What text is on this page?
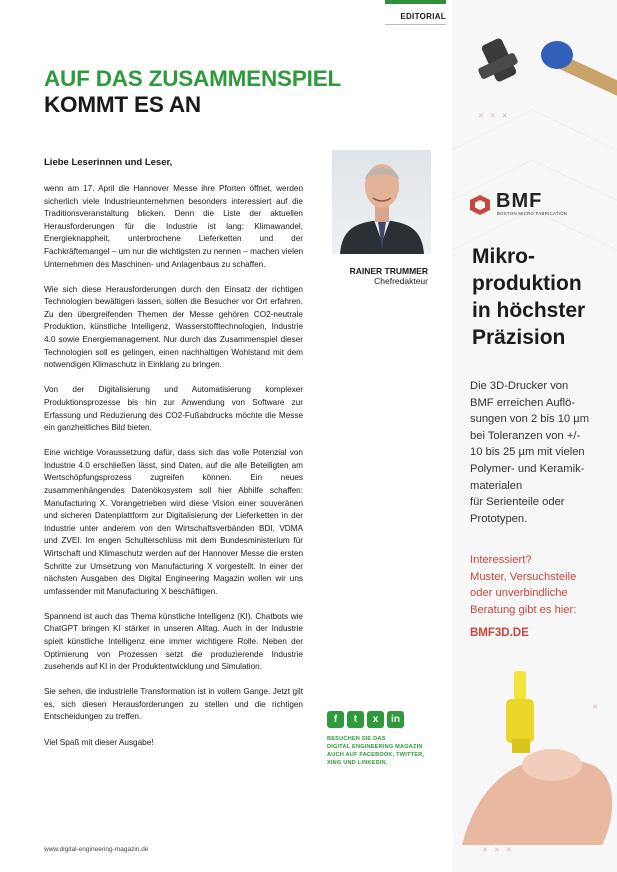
EDITORIAL
AUF DAS ZUSAMMENSPIEL
KOMMT ES AN
Liebe Leserinnen und Leser,

wenn am 17. April die Hannover Messe ihre Pforten öffnet, werden sicherlich viele Industrieunternehmen besonders interessiert auf die Traditionsveranstaltung blicken. Denn die Liste der aktuellen Herausforderungen für die Industrie ist lang: Klimawandel, Energieknappheit, unterbrochene Lieferketten und der Fachkräftemangel – um nur die wichtigsten zu nennen – machen vielen Unternehmen des Maschinen- und Anlagenbaus zu schaffen.

Wie sich diese Herausforderungen durch den Einsatz der richtigen Technologien bewältigen lassen, sollen die Besucher vor Ort erfahren. Zu den übergreifenden Themen der Messe gehören CO2-neutrale Produktion, künstliche Intelligenz, Wasserstofftechnologien, Industrie 4.0 sowie Energiemanagement. Nur durch das Zusammenspiel dieser Technologien soll es gelingen, einen nachhaltigen Wohlstand mit dem notwendigen Klimaschutz in Einklang zu bringen.

Von der Digitalisierung und Automatisierung komplexer Produktionsprozesse bis hin zur Anwendung von Software zur Erfassung und Reduzierung des CO2-Fußabdrucks möchte die Messe ein ganzheitliches Bild bieten.

Eine wichtige Voraussetzung dafür, dass sich das volle Potenzial von Industrie 4.0 erschließen lässt, sind Daten, auf die alle Beteiligten am Wertschöpfungsprozess zugreifen können. Ein neues zusammenhängendes Datenökosystem soll hier Abhilfe schaffen: Manufacturing X. Vorangetrieben wird diese Vision einer souveränen und sicheren Datenplattform zur Digitalisierung der Lieferketten in der Industrie unter anderem von den Wirtschaftsverbänden BDI, VDMA und ZVEI. Im engen Schulterschluss mit dem Bundesministerium für Wirtschaft und Klimaschutz werden auf der Hannover Messe die ersten Schritte zur Umsetzung von Manufacturing X vorgestellt. In einer der nächsten Ausgaben des Digital Engineering Magazin wollen wir uns umfassender mit Manufacturing X beschäftigen.

Spannend ist auch das Thema künstliche Intelligenz (KI). Chatbots wie ChatGPT bringen KI stärker in unseren Alltag. Auch in der Industrie spielt künstliche Intelligenz eine immer wichtigere Rolle. Neben der Optimierung von Prozessen setzt die produzierende Industrie zusehends auf KI in der Produktentwicklung und Simulation.

Sie sehen, die industrielle Transformation ist in vollem Gange. Jetzt gilt es, sich diesen Herausforderungen zu stellen und die richtigen Entscheidungen zu treffen.

Viel Spaß mit dieser Ausgabe!

RAINER TRUMMER
Chefredakteur
f	t	x	in
BESUCHEN SIE DAS
DIGITAL ENGINEERING MAGAZIN
AUCH AUF FACEBOOK, TWITTER,
XING UND LINKEDIN.
www.digital-engineering-magazin.de
✕✕✕
BMF
BOSTON MICRO FABRICATION
Mikro-
produktion
in höchster
Präzision
Die 3D-Drucker von
BMF erreichen Auflö-
sungen von 2 bis 10 µm
bei Toleranzen von +/-
10 bis 25 µm mit vielen
Polymer- und Keramik-
materialen
für Serienteile oder
Prototypen.
Interessiert?
Muster, Versuchsteile
oder unverbindliche
Beratung gibt es hier:
BMF3D.DE
✕
✕✕✕
